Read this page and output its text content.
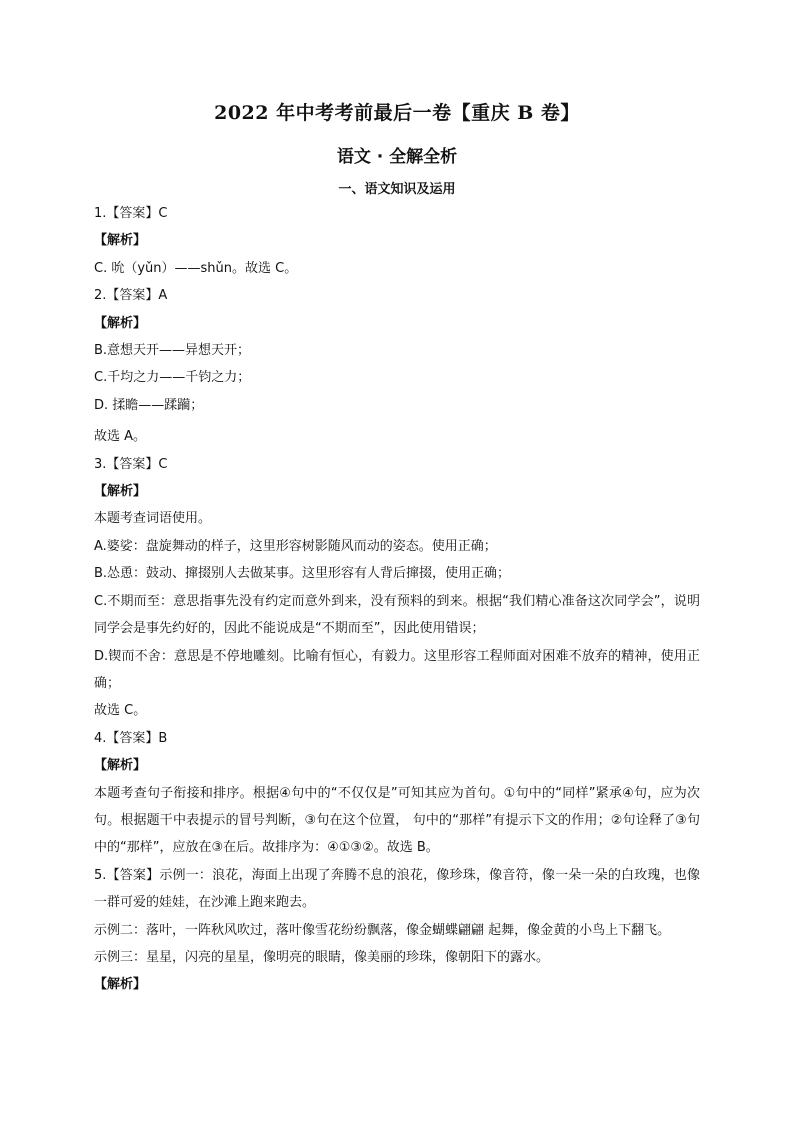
2022 年中考考前最后一卷【重庆 B 卷】
语文 · 全解全析
一、语文知识及运用
1.【答案】C
【解析】
C. 吮（yǔn）——shǔn。故选 C。
2.【答案】A
【解析】
B.意想天开——异想天开；
C.千均之力——千钧之力；
D. 揉瞻——蹂躏；
故选 A。
3.【答案】C
【解析】
本题考查词语使用。
A.婆娑：盘旋舞动的样子，这里形容树影随风而动的姿态。使用正确；
B.怂恿：鼓动、撺掇别人去做某事。这里形容有人背后撺掇，使用正确；
C.不期而至：意思指事先没有约定而意外到来，没有预料的到来。根据“我们精心准备这次同学会”，说明同学会是事先约好的，因此不能说成是“不期而至”，因此使用错误；
D.锲而不舍：意思是不停地雕刻。比喻有恒心，有毅力。这里形容工程师面对困难不放弃的精神，使用正确；
故选 C。
4.【答案】B
【解析】
本题考查句子衔接和排序。根据④句中的“不仅仅是”可知其应为首句。①句中的“同样”紧承④句，应为次句。根据题干中表提示的冒号判断，③句在这个位置， 句中的“那样”有提示下文的作用；②句诠释了③句中的“那样”，应放在③在后。故排序为：④①③②。故选 B。
5.【答案】示例一：浪花，海面上出现了奔腾不息的浪花，像珍珠，像音符，像一朵一朵的白玫瑰，也像一群可爱的娃娃，在沙滩上跑来跑去。
示例二：落叶，一阵秋风吹过，落叶像雪花纷纷飘落，像金蝴蝶翩翩 起舞，像金黄的小鸟上下翻飞。
示例三：星星，闪亮的星星，像明亮的眼睛，像美丽的珍珠，像朝阳下的露水。
【解析】
